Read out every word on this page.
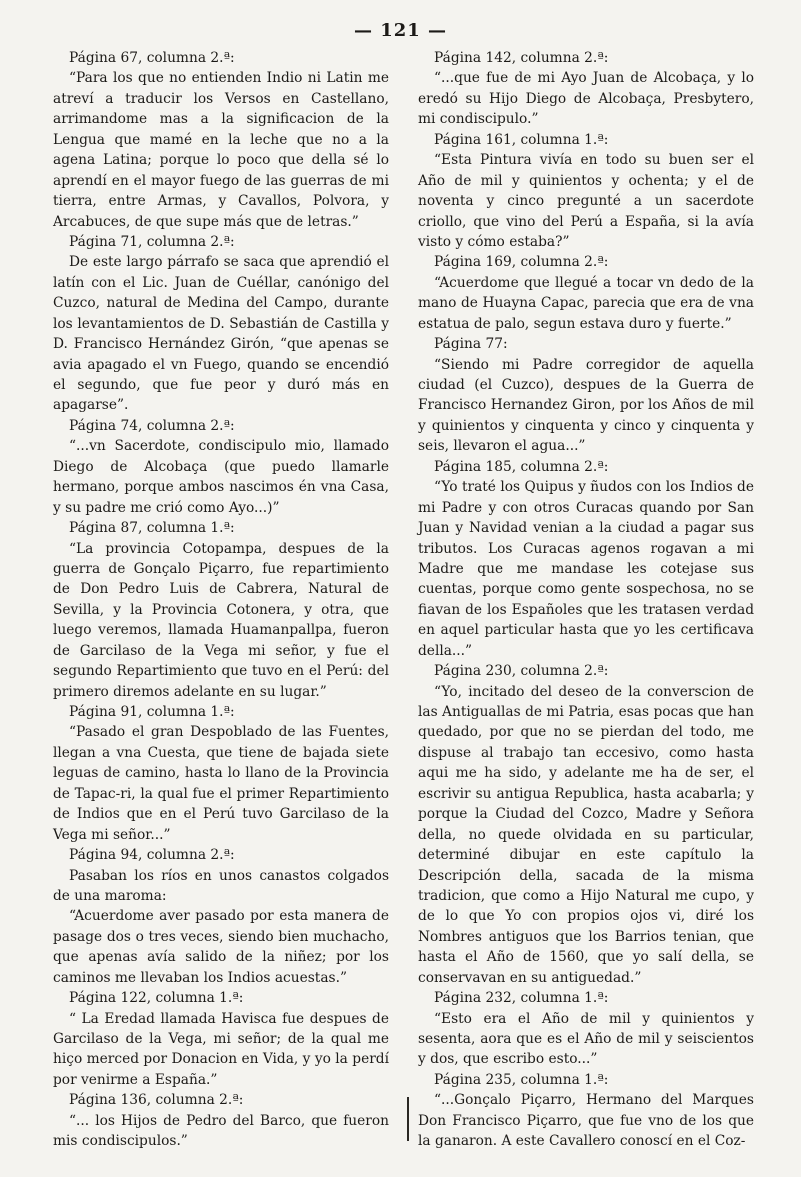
— 121 —

Página 67, columna 2.ª:

“Para los que no entienden Indio ni Latin me atreví a traducir los Versos en Castellano, arrimandome mas a la significacion de la Lengua que mamé en la leche que no a la agena Latina; porque lo poco que della sé lo aprendí en el mayor fuego de las guerras de mi tierra, entre Armas, y Cavallos, Polvora, y Arcabuces, de que supe más que de letras.”

Página 71, columna 2.ª:

De este largo párrafo se saca que aprendió el latín con el Lic. Juan de Cuéllar, canónigo del Cuzco, natural de Medina del Campo, durante los levantamientos de D. Sebastián de Castilla y D. Francisco Hernández Girón, “que apenas se avia apagado el vn Fuego, quando se encendió el segundo, que fue peor y duró más en apagarse”.

Página 74, columna 2.ª:

“...vn Sacerdote, condiscipulo mio, llamado Diego de Alcobaça (que puedo llamarle hermano, porque ambos nascimos én vna Casa, y su padre me crió como Ayo...)”

Página 87, columna 1.ª:

“La provincia Cotopampa, despues de la guerra de Gonçalo Piçarro, fue repartimiento de Don Pedro Luis de Cabrera, Natural de Sevilla, y la Provincia Cotonera, y otra, que luego veremos, llamada Huamanpallpa, fueron de Garcilaso de la Vega mi señor, y fue el segundo Repartimiento que tuvo en el Perú: del primero diremos adelante en su lugar.”

Página 91, columna 1.ª:

“Pasado el gran Despoblado de las Fuentes, llegan a vna Cuesta, que tiene de bajada siete leguas de camino, hasta lo llano de la Provincia de Tapac-ri, la qual fue el primer Repartimiento de Indios que en el Perú tuvo Garcilaso de la Vega mi señor...”

Página 94, columna 2.ª:

Pasaban los ríos en unos canastos colgados de una maroma:

“Acuerdome aver pasado por esta manera de pasage dos o tres veces, siendo bien muchacho, que apenas avía salido de la niñez; por los caminos me llevaban los Indios acuestas.”

Página 122, columna 1.ª:

“ La Eredad llamada Havisca fue despues de Garcilaso de la Vega, mi señor; de la qual me hiço merced por Donacion en Vida, y yo la perdí por venirme a España.”

Página 136, columna 2.ª:

“... los Hijos de Pedro del Barco, que fueron mis condiscipulos.”

Página 142, columna 2.ª:

“...que fue de mi Ayo Juan de Alcobaça, y lo eredó su Hijo Diego de Alcobaça, Presbytero, mi condiscipulo.”

Página 161, columna 1.ª:

“Esta Pintura vivía en todo su buen ser el Año de mil y quinientos y ochenta; y el de noventa y cinco pregunté a un sacerdote criollo, que vino del Perú a España, si la avía visto y cómo estaba?”

Página 169, columna 2.ª:

“Acuerdome que llegué a tocar vn dedo de la mano de Huayna Capac, parecia que era de vna estatua de palo, segun estava duro y fuerte.”

Página 77:

“Siendo mi Padre corregidor de aquella ciudad (el Cuzco), despues de la Guerra de Francisco Hernandez Giron, por los Años de mil y quinientos y cinquenta y cinco y cinquenta y seis, llevaron el agua...”

Página 185, columna 2.ª:

“Yo traté los Quipus y ñudos con los Indios de mi Padre y con otros Curacas quando por San Juan y Navidad venian a la ciudad a pagar sus tributos. Los Curacas agenos rogavan a mi Madre que me mandase les cotejase sus cuentas, porque como gente sospechosa, no se fiavan de los Españoles que les tratasen verdad en aquel particular hasta que yo les certificava della...”

Página 230, columna 2.ª:

“Yo, incitado del deseo de la converscion de las Antiguallas de mi Patria, esas pocas que han quedado, por que no se pierdan del todo, me dispuse al trabajo tan eccesivo, como hasta aqui me ha sido, y adelante me ha de ser, el escrivir su antigua Republica, hasta acabarla; y porque la Ciudad del Cozco, Madre y Señora della, no quede olvidada en su particular, determiné dibujar en este capítulo la Descripción della, sacada de la misma tradicion, que como a Hijo Natural me cupo, y de lo que Yo con propios ojos vi, diré los Nombres antiguos que los Barrios tenian, que hasta el Año de 1560, que yo salí della, se conservavan en su antiguedad.”

Página 232, columna 1.ª:

“Esto era el Año de mil y quinientos y sesenta, aora que es el Año de mil y seiscientos y dos, que escribo esto...”

Página 235, columna 1.ª:

“...Gonçalo Piçarro, Hermano del Marques Don Francisco Piçarro, que fue vno de los que la ganaron. A este Cavallero conoscí en el Coz-
